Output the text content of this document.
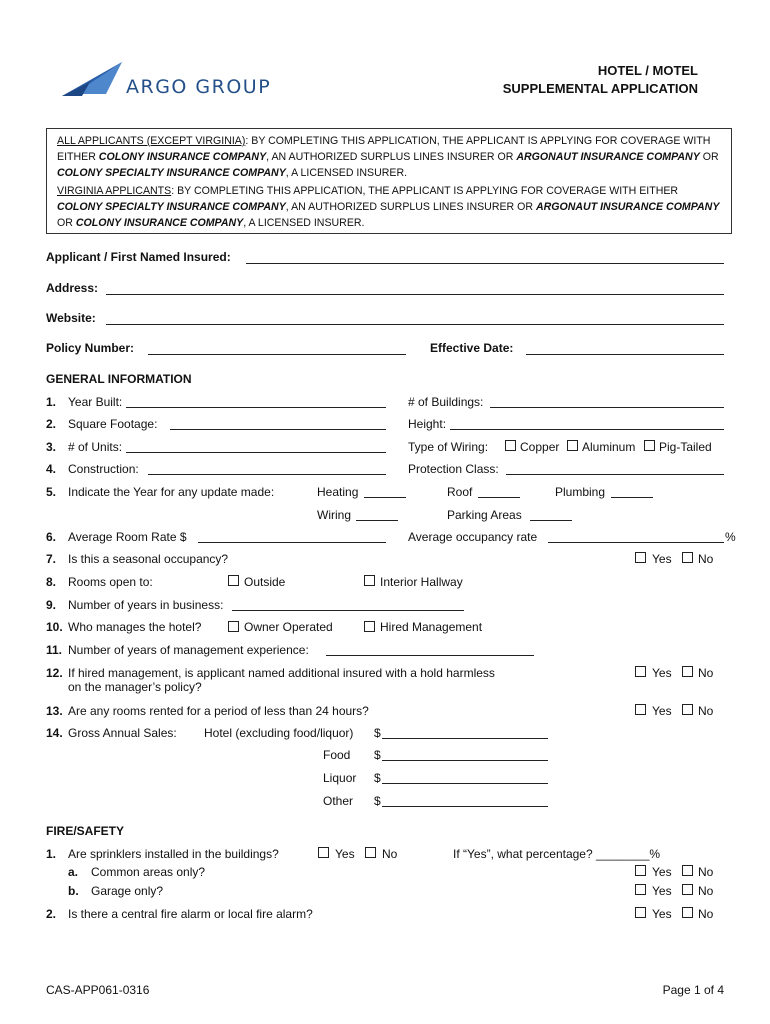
ARGO GROUP
HOTEL / MOTEL
SUPPLEMENTAL APPLICATION

ALL APPLICANTS (EXCEPT VIRGINIA): BY COMPLETING THIS APPLICATION, THE APPLICANT IS APPLYING FOR COVERAGE WITH EITHER COLONY INSURANCE COMPANY, AN AUTHORIZED SURPLUS LINES INSURER OR ARGONAUT INSURANCE COMPANY OR COLONY SPECIALTY INSURANCE COMPANY, A LICENSED INSURER.

VIRGINIA APPLICANTS: BY COMPLETING THIS APPLICATION, THE APPLICANT IS APPLYING FOR COVERAGE WITH EITHER COLONY SPECIALTY INSURANCE COMPANY, AN AUTHORIZED SURPLUS LINES INSURER OR ARGONAUT INSURANCE COMPANY OR COLONY INSURANCE COMPANY, A LICENSED INSURER.

Applicant / First Named Insured:
Address:
Website:
Policy Number:	Effective Date:
GENERAL INFORMATION
1. Year Built:	# of Buildings:
2. Square Footage:	Height:
3. # of Units:	Type of Wiring:	Copper Aluminum Pig-Tailed
4. Construction:	Protection Class:
5. Indicate the Year for any update made:	Heating	Roof	Plumbing
Wiring	Parking Areas
6. Average Room Rate $	Average occupancy rate	%
7. Is this a seasonal occupancy?	Yes No
8. Rooms open to:	Outside	Interior Hallway
9. Number of years in business:
10. Who manages the hotel?	Owner Operated	Hired Management
11. Number of years of management experience:
12. If hired management, is applicant named additional insured with a hold harmless
on the manager’s policy?
Yes No
13. Are any rooms rented for a period of less than 24 hours?	Yes No
14. Gross Annual Sales: Hotel (excluding food/liquor) $
Food $
Liquor $
Other $
FIRE/SAFETY
1. Are sprinklers installed in the buildings?	Yes No	If “Yes”, what percentage? ________%
a. Common areas only?	Yes No
b. Garage only?	Yes No
2. Is there a central fire alarm or local fire alarm?	Yes No
CAS-APP061-0316	Page 1 of 4
